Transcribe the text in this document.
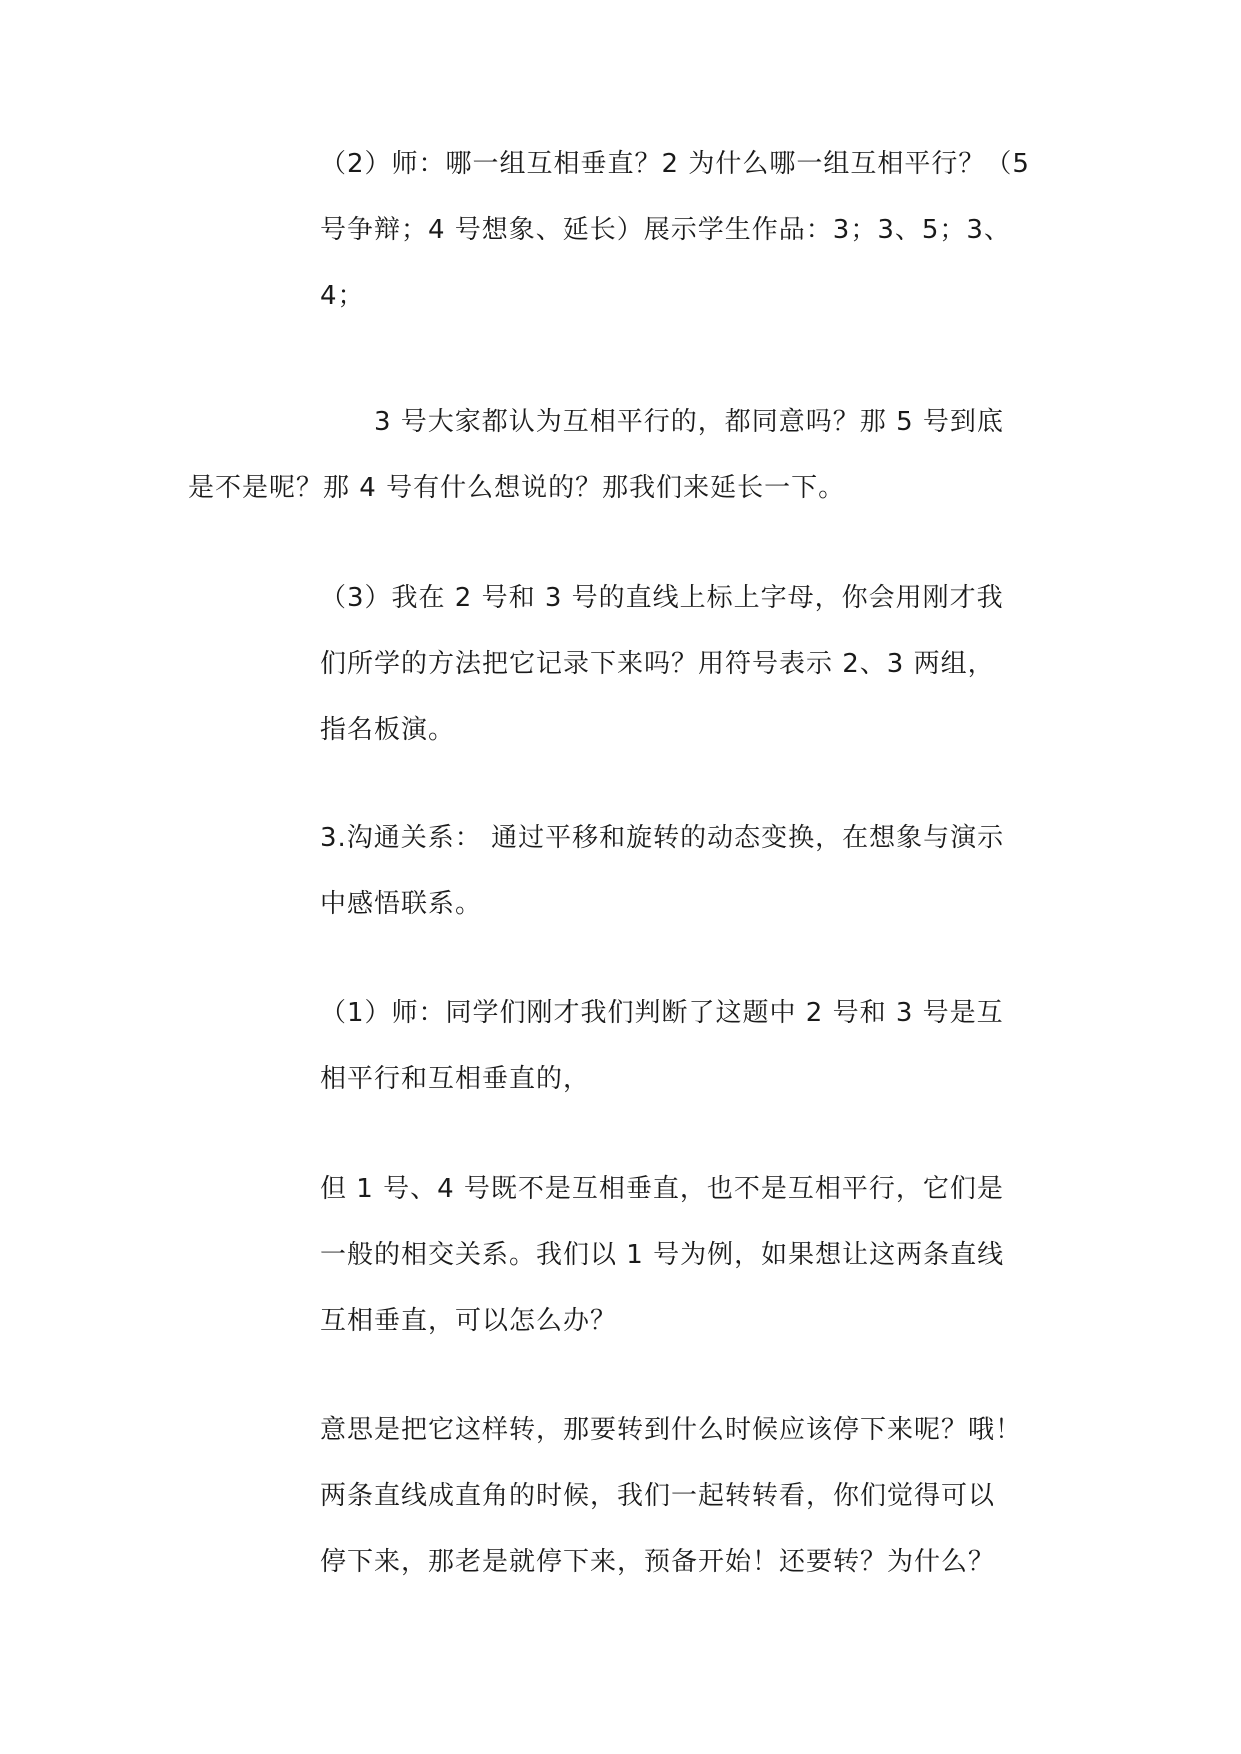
（2）师：哪一组互相垂直？2 为什么哪一组互相平行？（5
号争辩；4 号想象、延长）展示学生作品：3；3、5；3、
4；
3 号大家都认为互相平行的，都同意吗？那 5 号到底
是不是呢？那 4 号有什么想说的？那我们来延长一下。
（3）我在 2 号和 3 号的直线上标上字母，你会用刚才我
们所学的方法把它记录下来吗？用符号表示 2、3 两组，
指名板演。
3.沟通关系： 通过平移和旋转的动态变换，在想象与演示
中感悟联系。
（1）师：同学们刚才我们判断了这题中 2 号和 3 号是互
相平行和互相垂直的，
但 1 号、4 号既不是互相垂直，也不是互相平行，它们是
一般的相交关系。我们以 1 号为例，如果想让这两条直线
互相垂直，可以怎么办？
意思是把它这样转，那要转到什么时候应该停下来呢？哦！
两条直线成直角的时候，我们一起转转看，你们觉得可以
停下来，那老是就停下来，预备开始！还要转？为什么？
